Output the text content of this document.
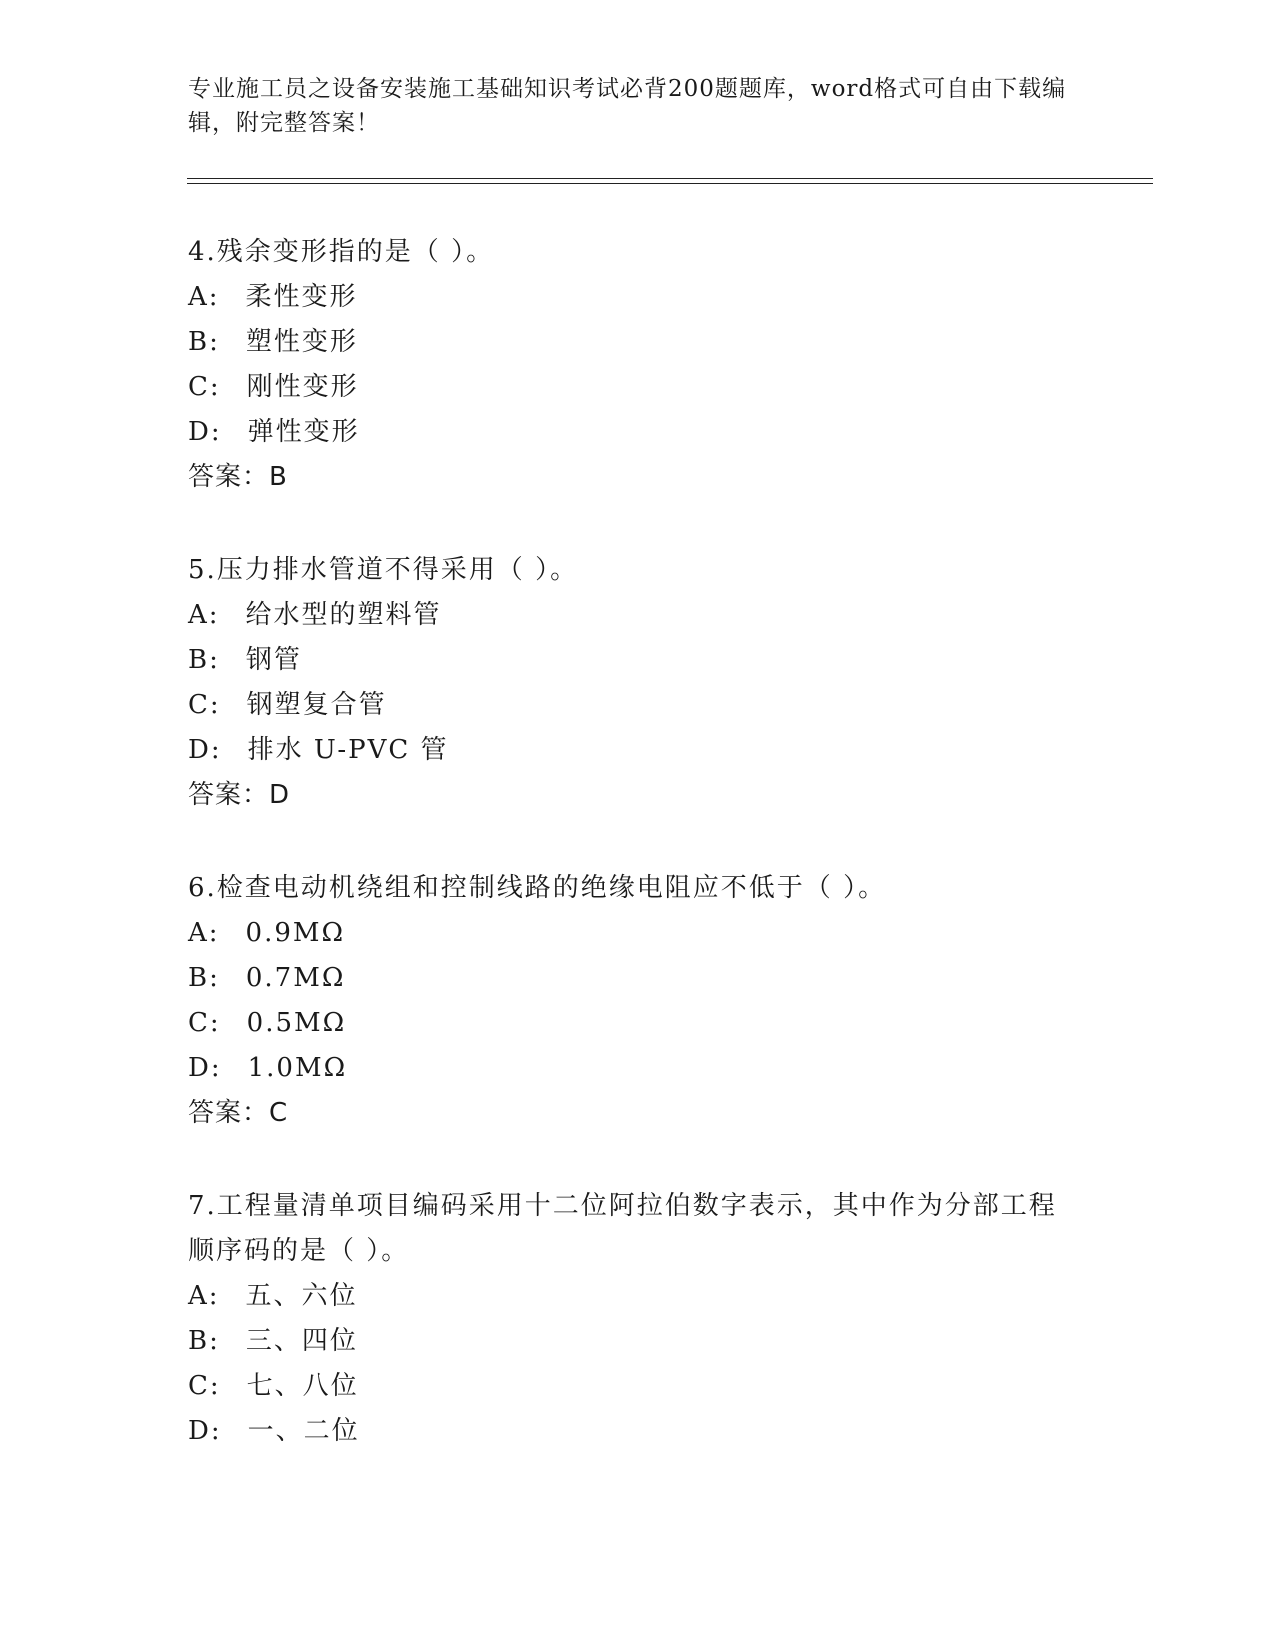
专业施工员之设备安装施工基础知识考试必背200题题库，word格式可自由下载编辑，附完整答案！
4.残余变形指的是（ ）。
A: 柔性变形
B: 塑性变形
C: 刚性变形
D: 弹性变形
答案：B
5.压力排水管道不得采用（ ）。
A: 给水型的塑料管
B: 钢管
C: 钢塑复合管
D: 排水 U-PVC 管
答案：D
6.检查电动机绕组和控制线路的绝缘电阻应不低于（ ）。
A: 0.9MΩ
B: 0.7MΩ
C: 0.5MΩ
D: 1.0MΩ
答案：C
7.工程量清单项目编码采用十二位阿拉伯数字表示，其中作为分部工程顺序码的是（ ）。
A: 五、六位
B: 三、四位
C: 七、八位
D: 一、二位
